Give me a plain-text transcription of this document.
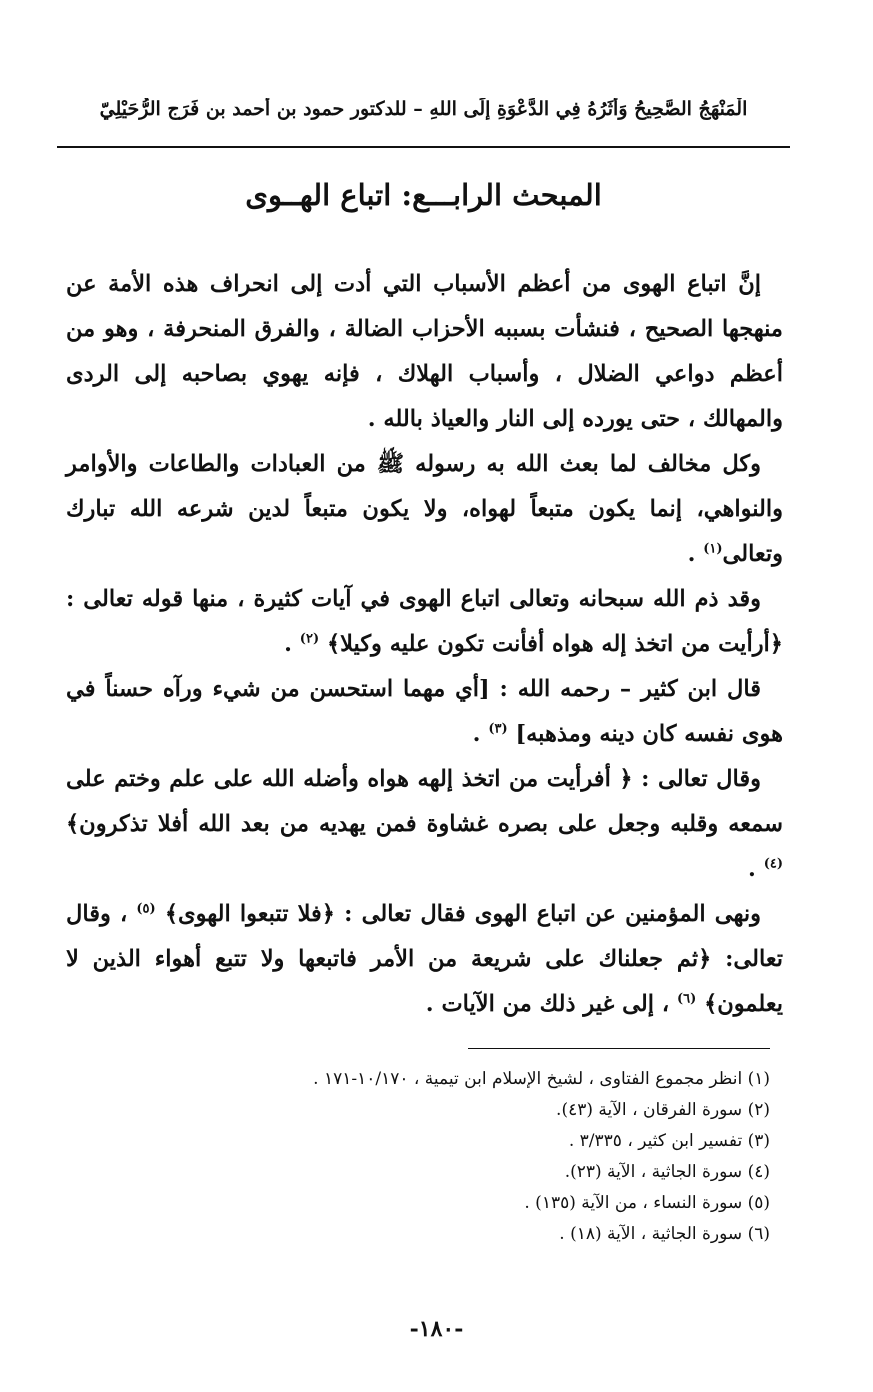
الْمَنْهَجُ الصَّحِيحُ وَأَثَرُهُ فِي الدَّعْوَةِ إِلَى اللهِ – للدكتور حمود بن أحمد بن فَرَج الرُّحَيْلِيّ
المبحث الرابـــع: اتباع الهــوى

إنَّ اتباع الهوى من أعظم الأسباب التي أدت إلى انحراف هذه الأمة عن منهجها الصحيح ، فنشأت بسببه الأحزاب الضالة ، والفرق المنحرفة ، وهو من أعظم دواعي الضلال ، وأسباب الهلاك ، فإنه يهوي بصاحبه إلى الردى والمهالك ، حتى يورده إلى النار والعياذ بالله .

وكل مخالف لما بعث الله به رسوله ﷺ من العبادات والطاعات والأوامر والنواهي، إنما يكون متبعاً لهواه، ولا يكون متبعاً لدين شرعه الله تبارك وتعالى$^{(١)}$ .

وقد ذم الله سبحانه وتعالى اتباع الهوى في آيات كثيرة ، منها قوله تعالى : ﴿أرأيت من اتخذ إله هواه أفأنت تكون عليه وكيلا﴾ $^{(٢)}$ .

قال ابن كثير – رحمه الله : [أي مهما استحسن من شيء ورآه حسناً في هوى نفسه كان دينه ومذهبه] $^{(٣)}$ .

وقال تعالى : ﴿ أفرأيت من اتخذ إلهه هواه وأضله الله على علم وختم على سمعه وقلبه وجعل على بصره غشاوة فمن يهديه من بعد الله أفلا تذكرون﴾ $^{(٤)}$ .

ونهى المؤمنين عن اتباع الهوى فقال تعالى : ﴿فلا تتبعوا الهوى﴾ $^{(٥)}$ ، وقال تعالى: ﴿ثم جعلناك على شريعة من الأمر فاتبعها ولا تتبع أهواء الذين لا يعلمون﴾ $^{(٦)}$ ، إلى غير ذلك من الآيات .

(١) انظر مجموع الفتاوى ، لشيخ الإسلام ابن تيمية ، ١٠/١٧٠-١٧١ .
(٢) سورة الفرقان ، الآية (٤٣).
(٣) تفسير ابن كثير ، ٣/٣٣٥ .
(٤) سورة الجاثية ، الآية (٢٣).
(٥) سورة النساء ، من الآية (١٣٥) .
(٦) سورة الجاثية ، الآية (١٨) .
-١٨٠-
